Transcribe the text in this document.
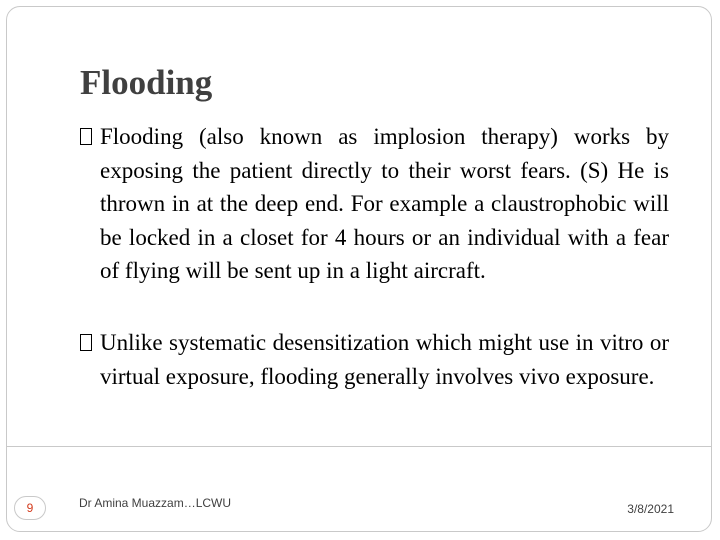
Flooding

Flooding (also known as implosion therapy) works by exposing the patient directly to their worst fears. (S) He is thrown in at the deep end. For example a claustrophobic will be locked in a closet for 4 hours or an individual with a fear of flying will be sent up in a light aircraft.

Unlike systematic desensitization which might use in vitro or virtual exposure, flooding generally involves vivo exposure.

9	Dr Amina Muazzam…LCWU	3/8/2021
